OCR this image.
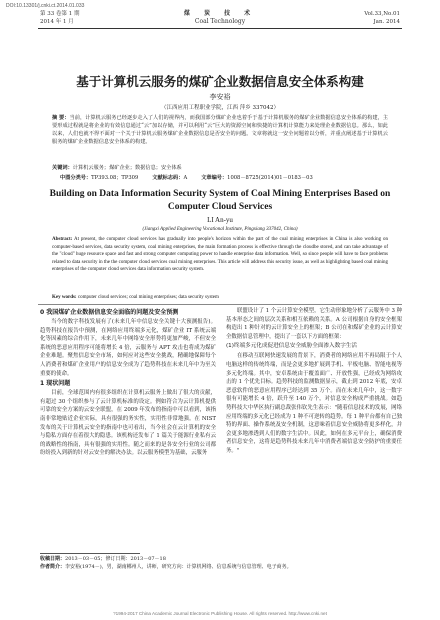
DOI:10.13301/j.cnki.ct.2014.01.033
第 33 卷第 1 期
2014 年 1 月
煤 炭 技 术
Coal Technology
Vol.33,No.01
Jan. 2014
基于计算机云服务的煤矿企业数据信息安全体系构建
李安裕
（江西应用工程职业学院，江西 萍乡 337042）
摘 要：当前，计算机云服务已经逐步走入了人们的视界内，而我国部分煤矿企业也着手于基于计算机服务的煤矿企业数据信息安全体系的构建，主要形成过程就是将企业的有效信息通过“云”加以存储，并可以利用“云”巨大的资源空间和快捷的计算机计算能力来处理企业数据信息。那么，如此以来，人们也就不得不面对一个关于计算机云服务煤矿企业数据信息是否安全的问题。文章将就这一安全问题着以分析，并重点阐述基于计算机云服务的煤矿企业数据信息安全体系的构建。
关键词：计算机云服务；煤矿企业；数据信息；安全体系
中图分类号：TP393.08；TP309	文献标志码：A	文章编号：1008－8725(2014)01－0183－03
Building on Data Information Security System of Coal Mining Enterprises Based on Computer Cloud Services
LI An-yu
(Jiangxi Applied Engineering Vocational Institute, Pingxiang 337042, China)
Abstract: At present, the computer cloud services has gradually into people's horizon within the part of the coal mining enterprises in China is also working on computer-based services, data security system, coal mining enterprises, the main formation process is effective through the cloudbe stored, and can take advantage of the "cloud" huge resource space and fast and strong computer computing power to handle enterprise data information. Well, so since people will have to face problems related to data security in the the computer cloud services coal mining enterprises. This article will address this security issue, as well as highlighting based coal mining enterprises of the computer cloud services data information security system.
Key words: computer cloud services; coal mining enterprises; data security system
0 我国煤矿企业数据信息安全面临的问题及安全预测

当今的数字科技发展有了(未来几年中信息安全关键十大预测报告)。趋势科技在报告中预测，在网络应用终端多元化，煤矿企业 IT 系统云端化等因素的综合作用下，未来几年中网络安全形势将更加严峻，不但安全系统的恶意应用程序可能将增长 4 倍，云服务与 APT 攻击也将成为煤矿企业难题。聚焦信息安全市场，如何应对这些安全挑战，精确地保障每个人消费者和煤矿企业用户的信息安全成为了趋势科技在未来几年中为至关重要的使命。

1 现状问题

目前，全球范围内有很多组织在计算机云服务上做出了很大的贡献，有超过 30 个组织参与了云计算机标准的设定。例如符合为云计算机提供可靠的安全方案的云安全联盟，在 2009 年发布的指南中可以看到，该指南非常地贴近企业实际，具有很强的务实性，实用性非常地强。在 NIST 发布的关于计算机云安全的指南中也可看出，当今社会在云计算机的安全与隐私方面存在着很大的隐患。该机构还发布了 1 篇关于能源行业私有云的战略性的指南，具有很强的实用性。随之而来的是各安全行业的公司都纷纷投入到新的针对云安全的解决办法。以云服务模型为基础，云服务

联盟设计了 1 个云计算安全模型，它生动形象地分析了云服务中 3 种基本形态之间的层次关系和相互依赖的关系。A 公司根据自身的安全框架构造出 1 种针对的云计算安全上的框架；B 公司在和煤矿企业的云计算安全数据信息管理中，提出了一套以下方面的框架：

(1)终端多元化成促进信息安全威胁全面渗入数字生活

在移动互联网快速发展的背景下，消费者的网络应用不再局限于个人电脑这样的传统终端，而是会更多地扩展到手机、平板电脑、智能电视等多元化终端。其中，安卓系统由于覆盖面广、开放性强，已经成为网络攻击的 1 个优先目标。趋势科技的监测数据显示，截止到 2012 年底，安卓恶意软件的恶意应用程序已经达到 35 万个。而在未来几年中，这一数字很有可能增长 4 倍，跃升至 140 万个，对信息安全构成严重挑战。如趋势科技大中华区执行副总裁张伟钦先生表示："随着信息技术的发展，网络应用终端的多元化已经成为 1 种不可逆转的趋势。每 1 种平台都有自己独特的界面、操作系统及安全机制，这意味着信息安全威胁将更多样化，并会更多地渗透到人们的数字生活中。因此，如何在多元平台上，确保消费者信息安全，这将是趋势科技未来几年中消费者端信息安全防护的重要任务。"

收稿日期：2013－03－05；修订日期：2013－07－18
作者简介：李安裕(1974－)，男，湖南郴州人，讲师，研究方向：计算机网络、信息系统与信息管理、电子商务。
?1994-2017 China Academic Journal Electronic Publishing House. All rights reserved. http://www.cnki.net
